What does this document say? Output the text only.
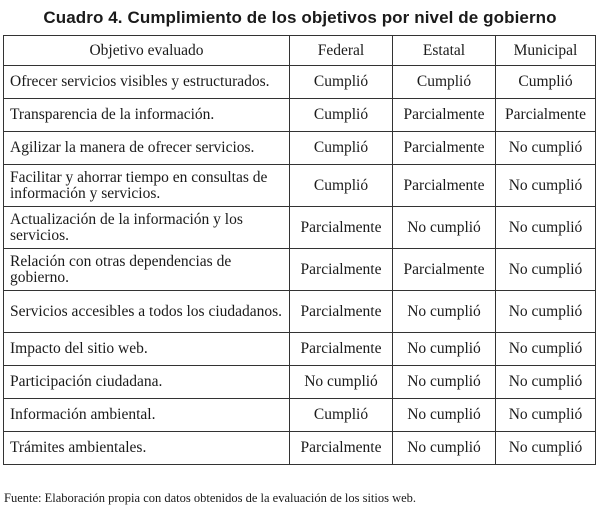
Cuadro 4. Cumplimiento de los objetivos por nivel de gobierno
Objetivo evaluado	Federal	Estatal	Municipal
Ofrecer servicios visibles y estructurados.	Cumplió	Cumplió	Cumplió
Transparencia de la información.	Cumplió	Parcialmente	Parcialmente
Agilizar la manera de ofrecer servicios.	Cumplió	Parcialmente	No cumplió
Facilitar y ahorrar tiempo en consultas de información y servicios.	Cumplió	Parcialmente	No cumplió
Actualización de la información y los servicios.	Parcialmente	No cumplió	No cumplió
Relación con otras dependencias de gobierno.	Parcialmente	Parcialmente	No cumplió
Servicios accesibles a todos los ciudadanos.	Parcialmente	No cumplió	No cumplió
Impacto del sitio web.	Parcialmente	No cumplió	No cumplió
Participación ciudadana.	No cumplió	No cumplió	No cumplió
Información ambiental.	Cumplió	No cumplió	No cumplió
Trámites ambientales.	Parcialmente	No cumplió	No cumplió
Fuente: Elaboración propia con datos obtenidos de la evaluación de los sitios web.
